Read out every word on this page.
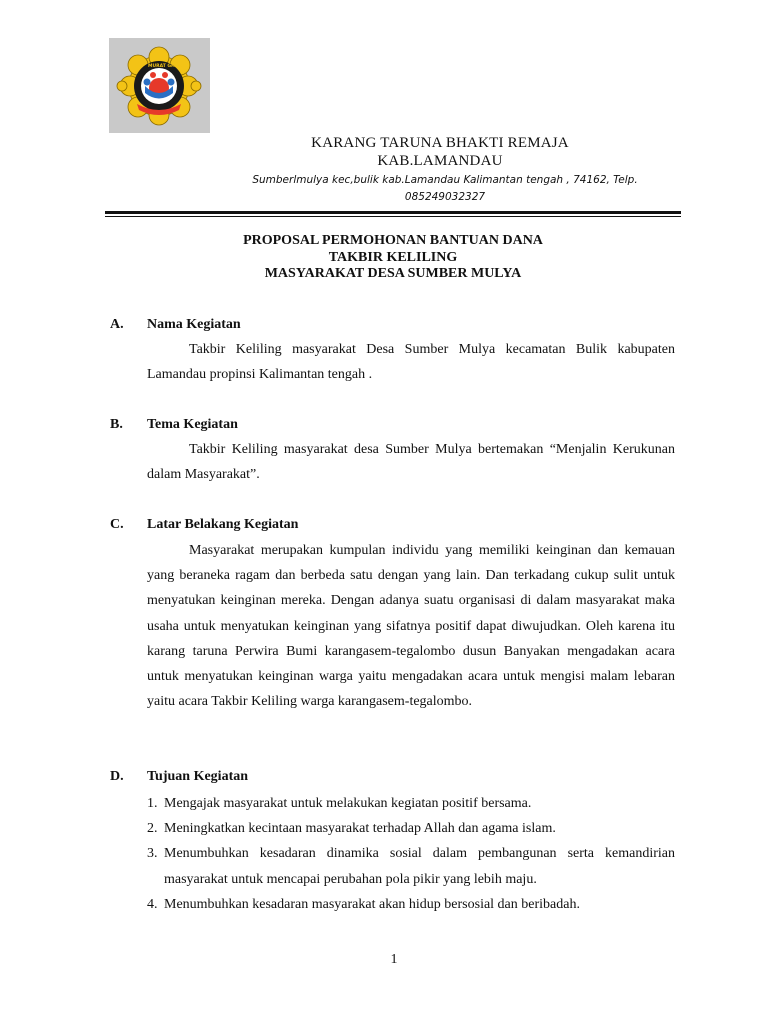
MURAT GHARA
KARANG TARUNA BHAKTI REMAJA
KAB.LAMANDAU
Sumberlmulya kec,bulik kab.Lamandau Kalimantan tengah , 74162, Telp.
085249032327
PROPOSAL PERMOHONAN BANTUAN DANA
TAKBIR KELILING
MASYARAKAT DESA SUMBER MULYA
A. Nama Kegiatan
Takbir Keliling masyarakat Desa Sumber Mulya kecamatan Bulik kabupaten Lamandau propinsi Kalimantan tengah .
B. Tema Kegiatan
Takbir Keliling masyarakat desa Sumber Mulya bertemakan “Menjalin Kerukunan dalam Masyarakat”.
C. Latar Belakang Kegiatan
Masyarakat merupakan kumpulan individu yang memiliki keinginan dan kemauan yang beraneka ragam dan berbeda satu dengan yang lain. Dan terkadang cukup sulit untuk menyatukan keinginan mereka. Dengan adanya suatu organisasi di dalam masyarakat maka usaha untuk menyatukan keinginan yang sifatnya positif dapat diwujudkan. Oleh karena itu karang taruna Perwira Bumi karangasem-tegalombo dusun Banyakan mengadakan acara untuk menyatukan keinginan warga yaitu mengadakan acara untuk mengisi malam lebaran yaitu acara Takbir Keliling warga karangasem-tegalombo.
D. Tujuan Kegiatan
1. Mengajak masyarakat untuk melakukan kegiatan positif bersama.
2. Meningkatkan kecintaan masyarakat terhadap Allah dan agama islam.
3. Menumbuhkan kesadaran dinamika sosial dalam pembangunan serta kemandirian masyarakat untuk mencapai perubahan pola pikir yang lebih maju.
4. Menumbuhkan kesadaran masyarakat akan hidup bersosial dan beribadah.
1
